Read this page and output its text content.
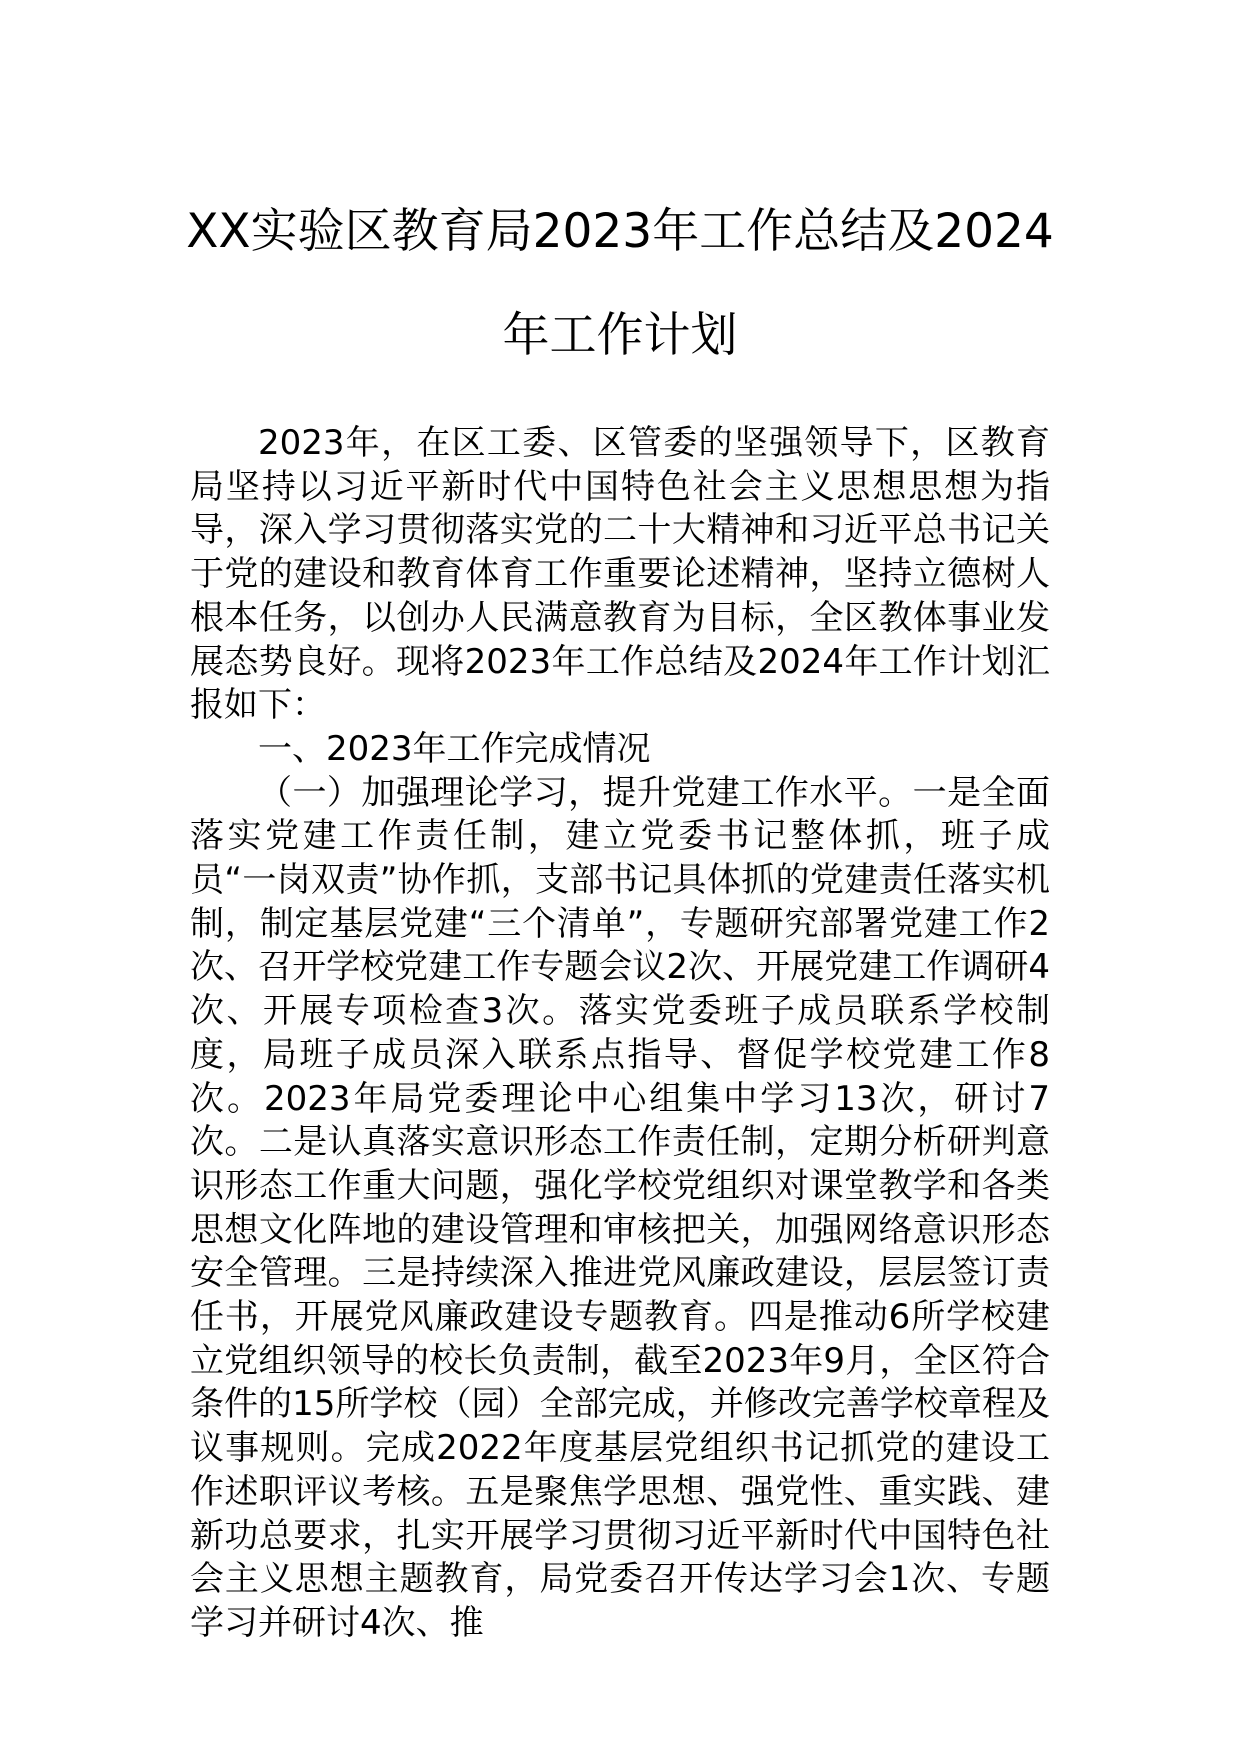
XX实验区教育局2023年工作总结及2024
年工作计划

2023年，在区工委、区管委的坚强领导下，区教育局坚持以习近平新时代中国特色社会主义思想思想为指导，深入学习贯彻落实党的二十大精神和习近平总书记关于党的建设和教育体育工作重要论述精神，坚持立德树人根本任务，以创办人民满意教育为目标，全区教体事业发展态势良好。现将2023年工作总结及2024年工作计划汇报如下：

一、2023年工作完成情况

（一）加强理论学习，提升党建工作水平。一是全面落实党建工作责任制，建立党委书记整体抓，班子成员“一岗双责”协作抓，支部书记具体抓的党建责任落实机制，制定基层党建“三个清单”，专题研究部署党建工作2次、召开学校党建工作专题会议2次、开展党建工作调研4次、开展专项检查3次。落实党委班子成员联系学校制度，局班子成员深入联系点指导、督促学校党建工作8次。2023年局党委理论中心组集中学习13次，研讨7次。二是认真落实意识形态工作责任制，定期分析研判意识形态工作重大问题，强化学校党组织对课堂教学和各类思想文化阵地的建设管理和审核把关，加强网络意识形态安全管理。三是持续深入推进党风廉政建设，层层签订责任书，开展党风廉政建设专题教育。四是推动6所学校建立党组织领导的校长负责制，截至2023年9月，全区符合条件的15所学校（园）全部完成，并修改完善学校章程及议事规则。完成2022年度基层党组织书记抓党的建设工作述职评议考核。五是聚焦学思想、强党性、重实践、建新功总要求，扎实开展学习贯彻习近平新时代中国特色社会主义思想主题教育，局党委召开传达学习会1次、专题学习并研讨4次、推
